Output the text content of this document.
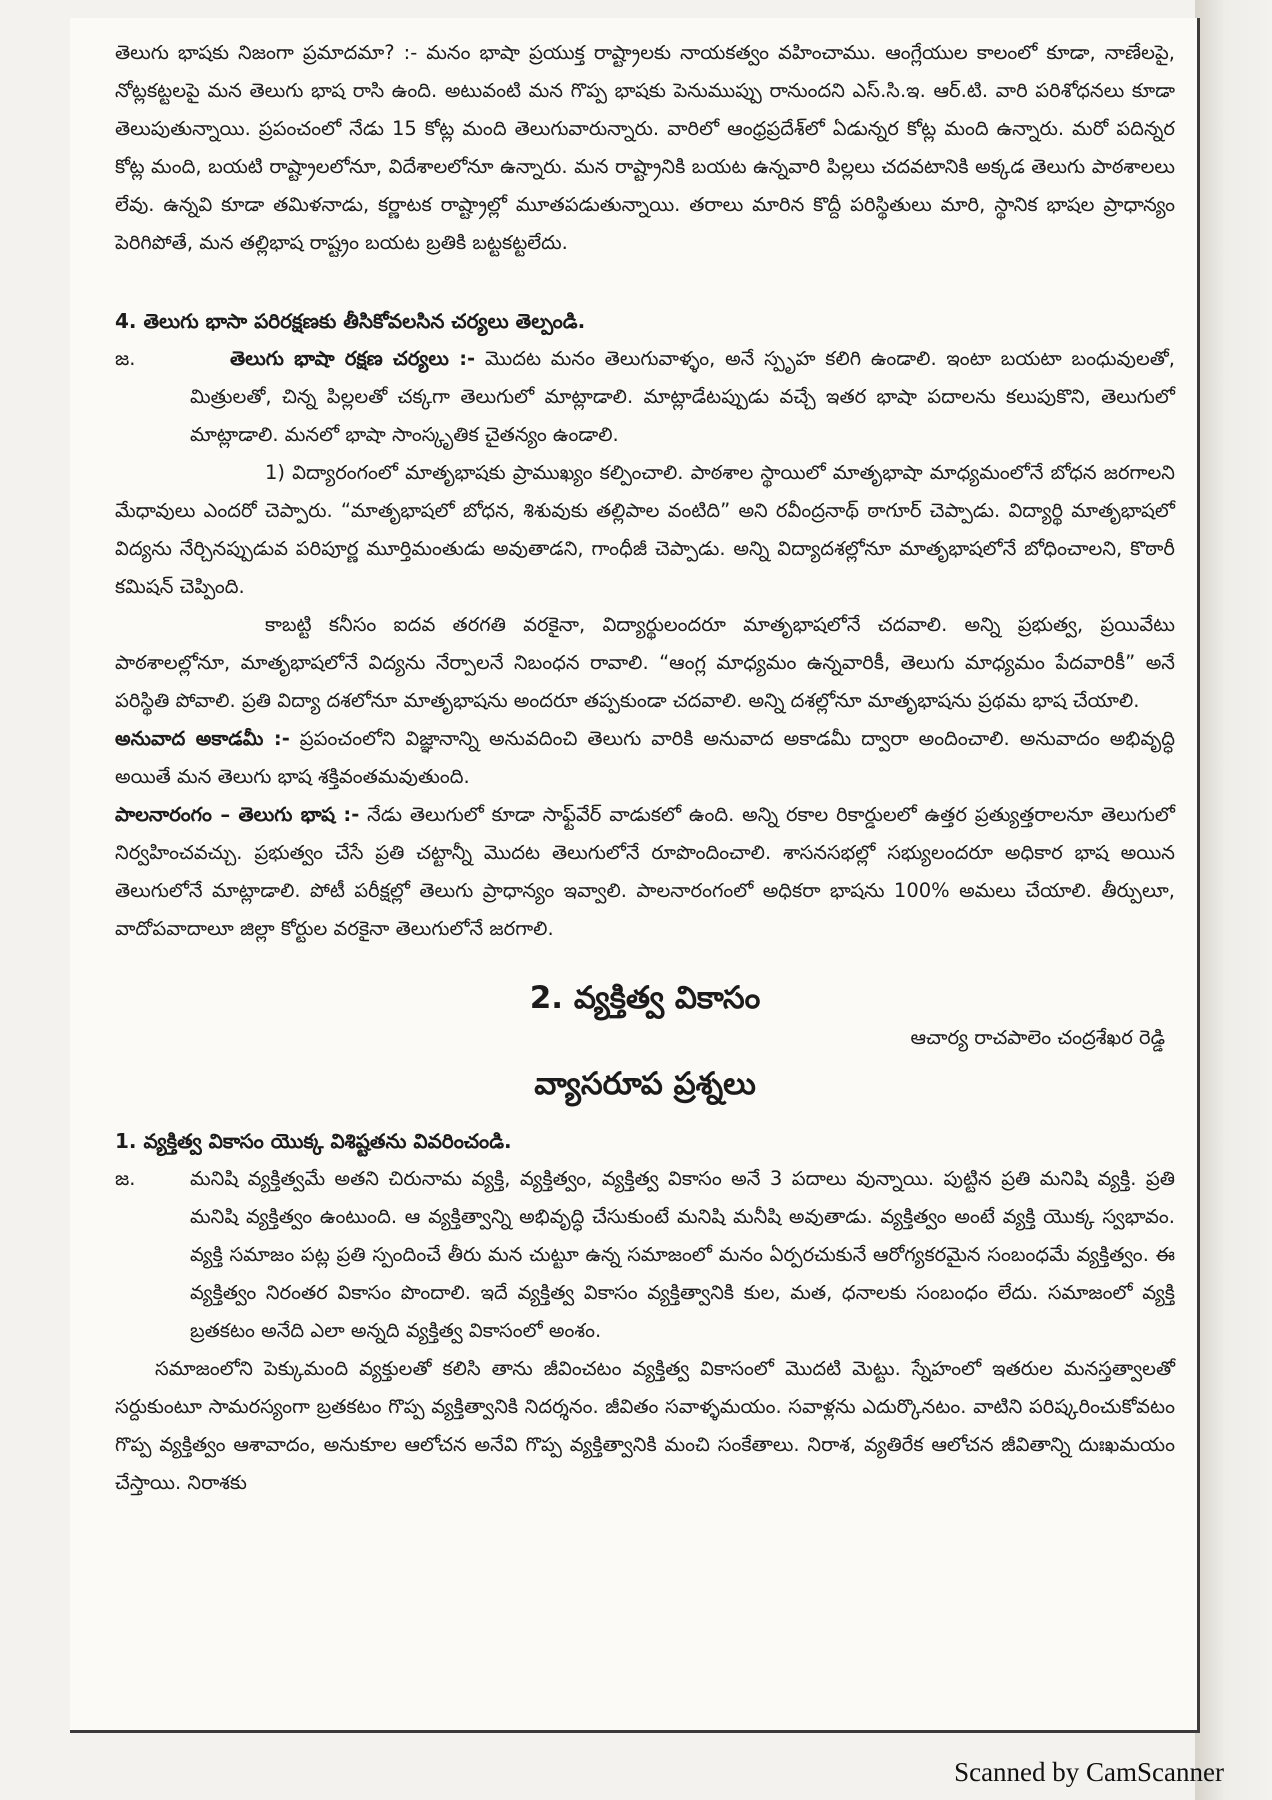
తెలుగు భాషకు నిజంగా ప్రమాదమా? :- మనం భాషా ప్రయుక్త రాష్ట్రాలకు నాయకత్వం వహించాము. ఆంగ్లేయుల కాలంలో కూడా, నాణేలపై, నోట్లకట్టలపై మన తెలుగు భాష రాసి ఉంది. అటువంటి మన గొప్ప భాషకు పెనుముప్పు రానుందని ఎస్.సి.ఇ. ఆర్.టి. వారి పరిశోధనలు కూడా తెలుపుతున్నాయి. ప్రపంచంలో నేడు 15 కోట్ల మంది తెలుగువారున్నారు. వారిలో ఆంధ్రప్రదేశ్‌లో ఏడున్నర కోట్ల మంది ఉన్నారు. మరో పదిన్నర కోట్ల మంది, బయటి రాష్ట్రాలలోనూ, విదేశాలలోనూ ఉన్నారు. మన రాష్ట్రానికి బయట ఉన్నవారి పిల్లలు చదవటానికి అక్కడ తెలుగు పాఠశాలలు లేవు. ఉన్నవి కూడా తమిళనాడు, కర్ణాటక రాష్ట్రాల్లో మూతపడుతున్నాయి. తరాలు మారిన కొద్దీ పరిస్థితులు మారి, స్థానిక భాషల ప్రాధాన్యం పెరిగిపోతే, మన తల్లిభాష రాష్ట్రం బయట బ్రతికి బట్టకట్టలేదు.

4. తెలుగు భాసా పరిరక్షణకు తీసికోవలసిన చర్యలు తెల్పండి.
జ.	తెలుగు భాషా రక్షణ చర్యలు :- మొదట మనం తెలుగువాళ్ళం, అనే స్పృహ కలిగి ఉండాలి. ఇంటా బయటా బంధువులతో, మిత్రులతో, చిన్న పిల్లలతో చక్కగా తెలుగులో మాట్లాడాలి. మాట్లాడేటప్పుడు వచ్చే ఇతర భాషా పదాలను కలుపుకొని, తెలుగులో మాట్లాడాలి. మనలో భాషా సాంస్కృతిక చైతన్యం ఉండాలి.

1) విద్యారంగంలో మాతృభాషకు ప్రాముఖ్యం కల్పించాలి. పాఠశాల స్థాయిలో మాతృభాషా మాధ్యమంలోనే బోధన జరగాలని మేధావులు ఎందరో చెప్పారు. “మాతృభాషలో బోధన, శిశువుకు తల్లిపాల వంటిది” అని రవీంద్రనాథ్ ఠాగూర్ చెప్పాడు. విద్యార్థి మాతృభాషలో విద్యను నేర్చినప్పుడువ పరిపూర్ణ మూర్తిమంతుడు అవుతాడని, గాంధీజీ చెప్పాడు. అన్ని విద్యాదశల్లోనూ మాతృభాషలోనే బోధించాలని, కొఠారీ కమిషన్ చెప్పింది.

కాబట్టి కనీసం ఐదవ తరగతి వరకైనా, విద్యార్థులందరూ మాతృభాషలోనే చదవాలి. అన్ని ప్రభుత్వ, ప్రయివేటు పాఠశాలల్లోనూ, మాతృభాషలోనే విద్యను నేర్పాలనే నిబంధన రావాలి. “ఆంగ్ల మాధ్యమం ఉన్నవారికీ, తెలుగు మాధ్యమం పేదవారికీ” అనే పరిస్థితి పోవాలి. ప్రతి విద్యా దశలోనూ మాతృభాషను అందరూ తప్పకుండా చదవాలి. అన్ని దశల్లోనూ మాతృభాషను ప్రథమ భాష చేయాలి.

అనువాద అకాడమీ :- ప్రపంచంలోని విజ్ఞానాన్ని అనువదించి తెలుగు వారికి అనువాద అకాడమీ ద్వారా అందించాలి. అనువాదం అభివృద్ధి అయితే మన తెలుగు భాష శక్తివంతమవుతుంది.

పాలనారంగం – తెలుగు భాష :- నేడు తెలుగులో కూడా సాఫ్ట్‌వేర్ వాడుకలో ఉంది. అన్ని రకాల రికార్డులలో ఉత్తర ప్రత్యుత్తరాలనూ తెలుగులో నిర్వహించవచ్చు. ప్రభుత్వం చేసే ప్రతి చట్టాన్నీ మొదట తెలుగులోనే రూపొందించాలి. శాసనసభల్లో సభ్యులందరూ అధికార భాష అయిన తెలుగులోనే మాట్లాడాలి. పోటీ పరీక్షల్లో తెలుగు ప్రాధాన్యం ఇవ్వాలి. పాలనారంగంలో అధికరా భాషను 100% అమలు చేయాలి. తీర్పులూ, వాదోపవాదాలూ జిల్లా కోర్టుల వరకైనా తెలుగులోనే జరగాలి.

2. వ్యక్తిత్వ వికాసం
ఆచార్య రాచపాలెం చంద్రశేఖర రెడ్డి
వ్యాసరూప ప్రశ్నలు
1. వ్యక్తిత్వ వికాసం యొక్క విశిష్టతను వివరించండి.
జ.	మనిషి వ్యక్తిత్వమే అతని చిరునామ వ్యక్తి, వ్యక్తిత్వం, వ్యక్తిత్వ వికాసం అనే 3 పదాలు వున్నాయి. పుట్టిన ప్రతి మనిషి వ్యక్తి. ప్రతి మనిషి వ్యక్తిత్వం ఉంటుంది. ఆ వ్యక్తిత్వాన్ని అభివృద్ధి చేసుకుంటే మనిషి మనీషి అవుతాడు. వ్యక్తిత్వం అంటే వ్యక్తి యొక్క స్వభావం. వ్యక్తి సమాజం పట్ల ప్రతి స్పందించే తీరు మన చుట్టూ ఉన్న సమాజంలో మనం ఏర్పరచుకునే ఆరోగ్యకరమైన సంబంధమే వ్యక్తిత్వం. ఈ వ్యక్తిత్వం నిరంతర వికాసం పొందాలి. ఇదే వ్యక్తిత్వ వికాసం వ్యక్తిత్వానికి కుల, మత, ధనాలకు సంబంధం లేదు. సమాజంలో వ్యక్తి బ్రతకటం అనేది ఎలా అన్నది వ్యక్తిత్వ వికాసంలో అంశం.

సమాజంలోని పెక్కుమంది వ్యక్తులతో కలిసి తాను జీవించటం వ్యక్తిత్వ వికాసంలో మొదటి మెట్టు. స్నేహంలో ఇతరుల మనస్తత్వాలతో సర్దుకుంటూ సామరస్యంగా బ్రతకటం గొప్ప వ్యక్తిత్వానికి నిదర్శనం. జీవితం సవాళ్ళమయం. సవాళ్లను ఎదుర్కొనటం. వాటిని పరిష్కరించుకోవటం గొప్ప వ్యక్తిత్వం ఆశావాదం, అనుకూల ఆలోచన అనేవి గొప్ప వ్యక్తిత్వానికి మంచి సంకేతాలు. నిరాశ, వ్యతిరేక ఆలోచన జీవితాన్ని దుఃఖమయం చేస్తాయి. నిరాశకు

Scanned by CamScanner
